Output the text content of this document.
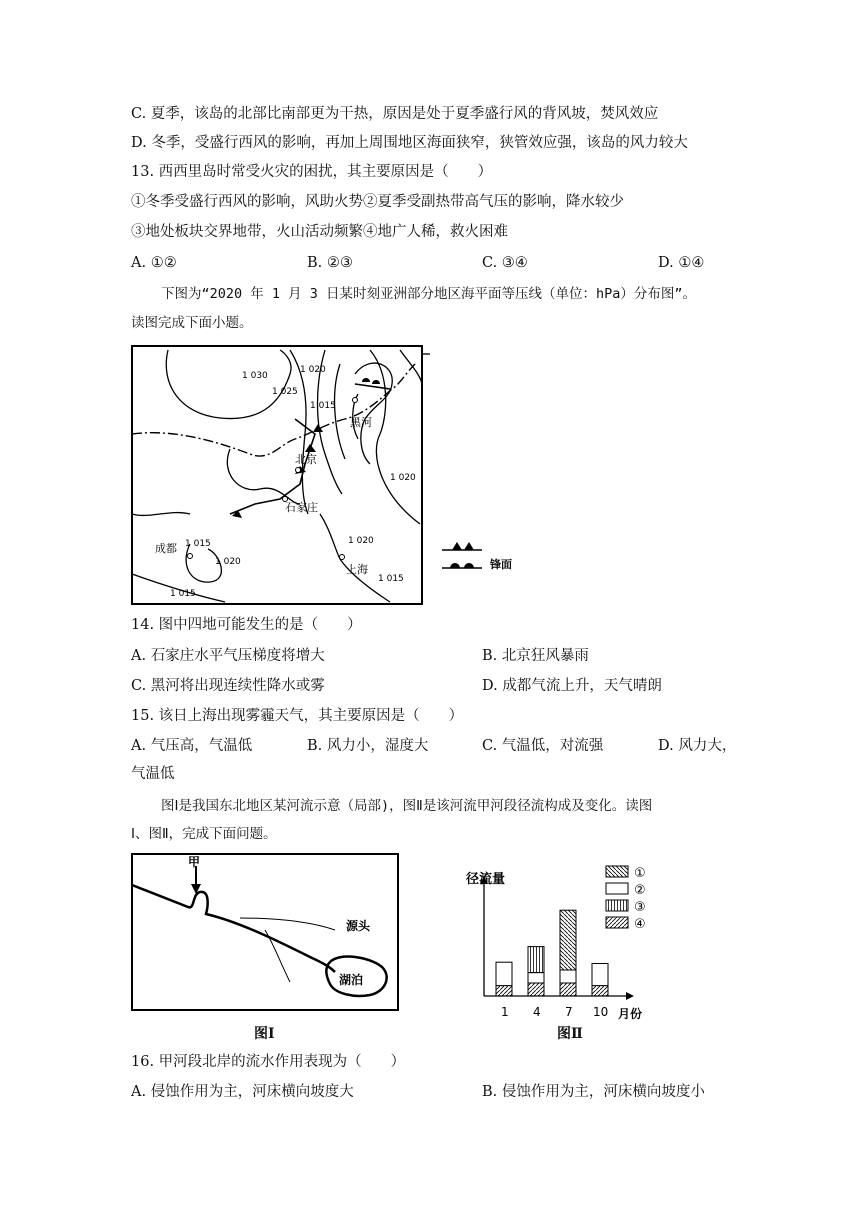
C. 夏季，该岛的北部比南部更为干热，原因是处于夏季盛行风的背风坡，焚风效应
D. 冬季，受盛行西风的影响，再加上周围地区海面狭窄，狭管效应强，该岛的风力较大
13. 西西里岛时常受火灾的困扰，其主要原因是（　　）
①冬季受盛行西风的影响，风助火势②夏季受副热带高气压的影响，降水较少
③地处板块交界地带，火山活动频繁④地广人稀，救火困难
A. ①②	B. ②③	C. ③④	D. ①④
下图为“2020 年 1 月 3 日某时刻亚洲部分地区海平面等压线（单位：hPa）分布图”。
读图完成下面小题。
1 030
1 025
1 020
1 015
1 020
1 015
1 020
1 020
1 015
1 015
黑河
北京
石家庄
成都
上海	锋面
14. 图中四地可能发生的是（　　）
A. 石家庄水平气压梯度将增大	B. 北京狂风暴雨
C. 黑河将出现连续性降水或雾	D. 成都气流上升，天气晴朗
15. 该日上海出现雾霾天气，其主要原因是（　　）
A. 气压高，气温低	B. 风力小，湿度大	C. 气温低，对流强	D. 风力大，
气温低
图Ⅰ是我国东北地区某河流示意（局部)，图Ⅱ是该河流甲河段径流构成及变化。读图
Ⅰ、图Ⅱ，完成下面问题。
甲
源头
湖泊
图Ⅰ
径流量
月份
1 4 7 10
①
②
③
④
图Ⅱ
16. 甲河段北岸的流水作用表现为（　　）
A. 侵蚀作用为主，河床横向坡度大	B. 侵蚀作用为主，河床横向坡度小
